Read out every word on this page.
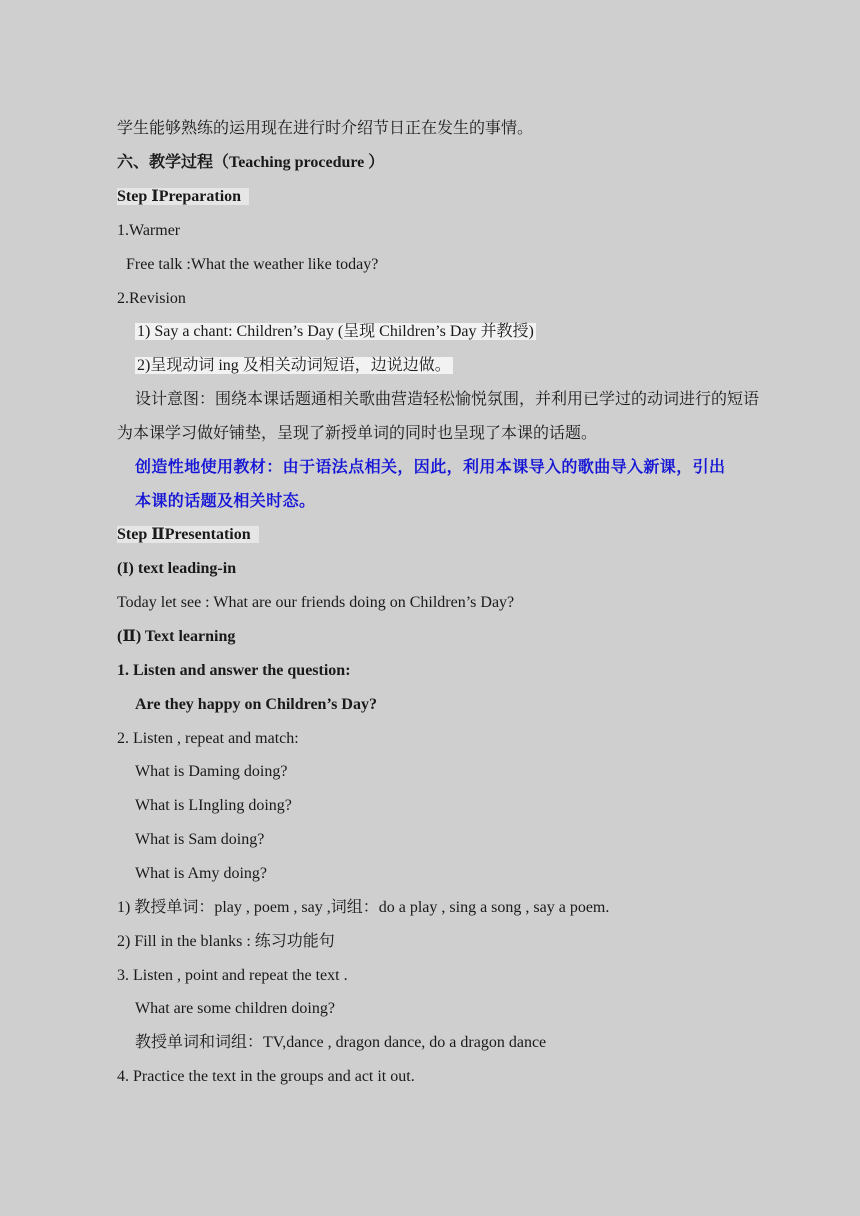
学生能够熟练的运用现在进行时介绍节日正在发生的事情。
六、教学过程（Teaching procedure ）
Step ⅠPreparation
1.Warmer
Free talk :What the weather like today?
2.Revision
1) Say a chant: Children’s Day (呈现 Children’s Day 并教授)
2)呈现动词 ing 及相关动词短语，边说边做。
设计意图：围绕本课话题通相关歌曲营造轻松愉悦氛围，并利用已学过的动词进行的短语为本课学习做好铺垫，呈现了新授单词的同时也呈现了本课的话题。
创造性地使用教材：由于语法点相关，因此，利用本课导入的歌曲导入新课，引出
本课的话题及相关时态。
Step ⅡPresentation
(I) text leading-in
Today let see : What are our friends doing on Children’s Day?
(Ⅱ) Text learning
1. Listen and answer the question:
Are they happy on Children’s Day?
2. Listen , repeat and match:
What is Daming doing?
What is LIngling doing?
What is Sam doing?
What is Amy doing?
1) 教授单词：play , poem , say ,词组：do a play , sing a song , say a poem.
2) Fill in the blanks : 练习功能句
3. Listen , point and repeat the text .
What are some children doing?
教授单词和词组：TV,dance , dragon dance, do a dragon dance
4. Practice the text in the groups and act it out.
